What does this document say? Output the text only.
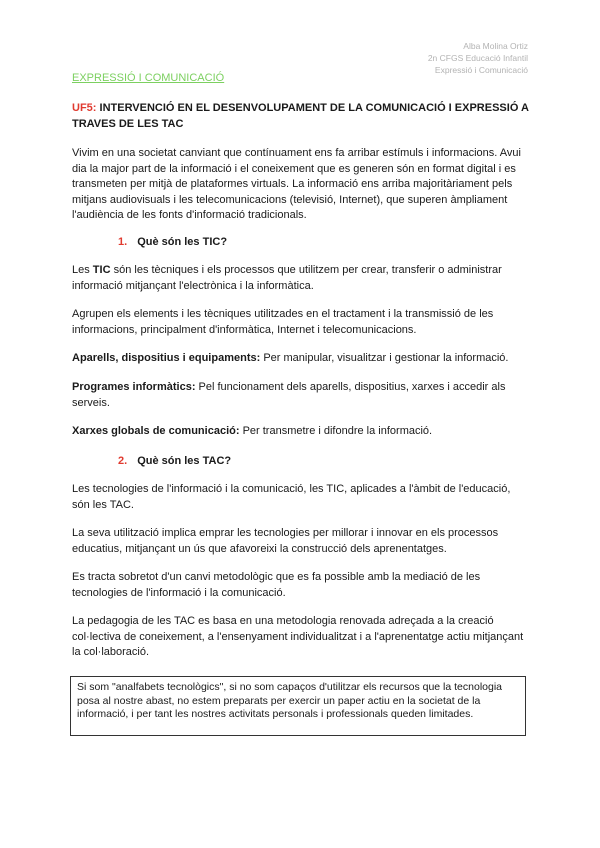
Alba Molina Ortiz
2n CFGS Educació Infantil
Expressió i Comunicació
EXPRESSIÓ I COMUNICACIÓ
UF5: INTERVENCIÓ EN EL DESENVOLUPAMENT DE LA COMUNICACIÓ I EXPRESSIÓ A TRAVES DE LES TAC
Vivim en una societat canviant que contínuament ens fa arribar estímuls i informacions. Avui dia la major part de la informació i el coneixement que es generen són en format digital i es transmeten per mitjà de plataformes virtuals. La informació ens arriba majoritàriament pels mitjans audiovisuals i les telecomunicacions (televisió, Internet), que superen àmpliament l'audiència de les fonts d'informació tradicionals.
1. Què són les TIC?
Les TIC són les tècniques i els processos que utilitzem per crear, transferir o administrar informació mitjançant l'electrònica i la informàtica.
Agrupen els elements i les tècniques utilitzades en el tractament i la transmissió de les informacions, principalment d'informàtica, Internet i telecomunicacions.
Aparells, dispositius i equipaments: Per manipular, visualitzar i gestionar la informació.
Programes informàtics: Pel funcionament dels aparells, dispositius, xarxes i accedir als serveis.
Xarxes globals de comunicació: Per transmetre i difondre la informació.
2. Què són les TAC?
Les tecnologies de l'informació i la comunicació, les TIC, aplicades a l'àmbit de l'educació, són les TAC.
La seva utilització implica emprar les tecnologies per millorar i innovar en els processos educatius, mitjançant un ús que afavoreixi la construcció dels aprenentatges.
Es tracta sobretot d'un canvi metodològic que es fa possible amb la mediació de les tecnologies de l'informació i la comunicació.
La pedagogia de les TAC es basa en una metodologia renovada adreçada a la creació col·lectiva de coneixement, a l'ensenyament individualitzat i a l'aprenentatge actiu mitjançant la col·laboració.
Si som "analfabets tecnològics", si no som capaços d'utilitzar els recursos que la tecnologia posa al nostre abast, no estem preparats per exercir un paper actiu en la societat de la informació, i per tant les nostres activitats personals i professionals queden limitades.
